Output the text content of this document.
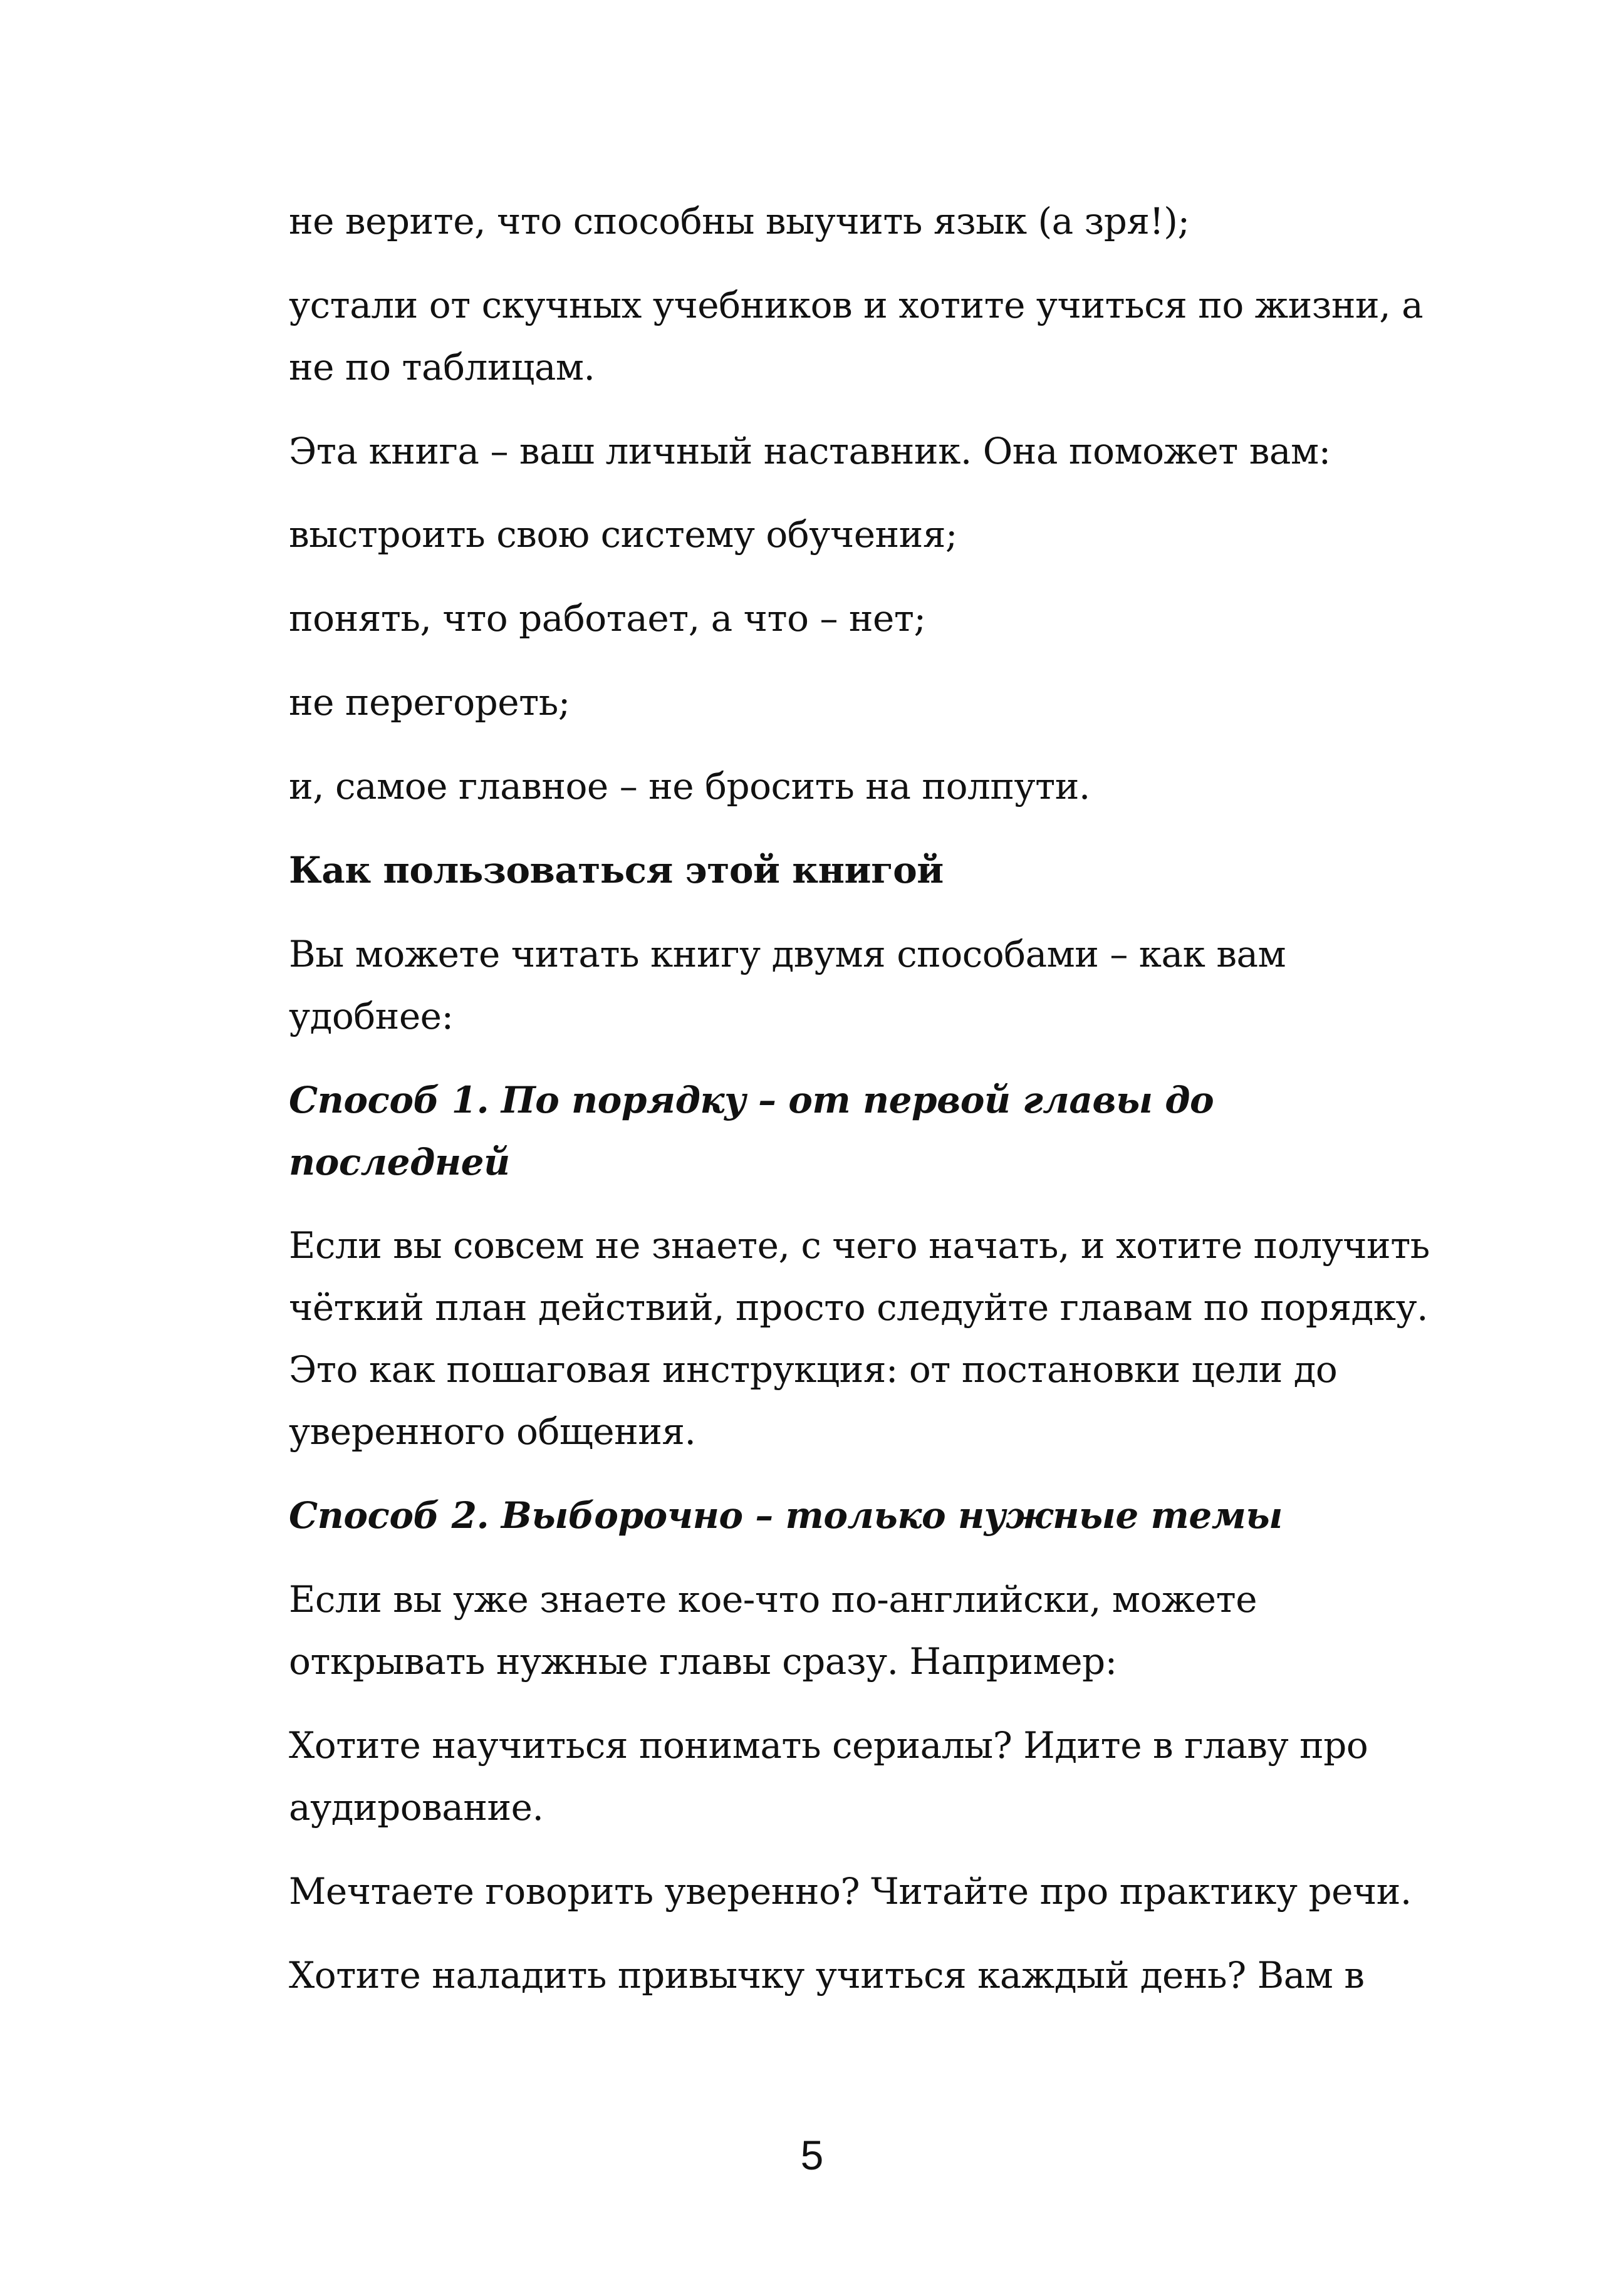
не верите, что способны выучить язык (а зря!);

устали от скучных учебников и хотите учиться по жизни, а

не по таблицам.

Эта книга – ваш личный наставник. Она поможет вам:

выстроить свою систему обучения;

понять, что работает, а что – нет;

не перегореть;

и, самое главное – не бросить на полпути.

Как пользоваться этой книгой

Вы можете читать книгу двумя способами – как вам

удобнее:

Способ 1. По порядку – от первой главы до

последней

Если вы совсем не знаете, с чего начать, и хотите получить

чёткий план действий, просто следуйте главам по порядку.

Это как пошаговая инструкция: от постановки цели до

уверенного общения.

Способ 2. Выборочно – только нужные темы

Если вы уже знаете кое-что по-английски, можете

открывать нужные главы сразу. Например:

Хотите научиться понимать сериалы? Идите в главу про

аудирование.

Мечтаете говорить уверенно? Читайте про практику речи.

Хотите наладить привычку учиться каждый день? Вам в

5
